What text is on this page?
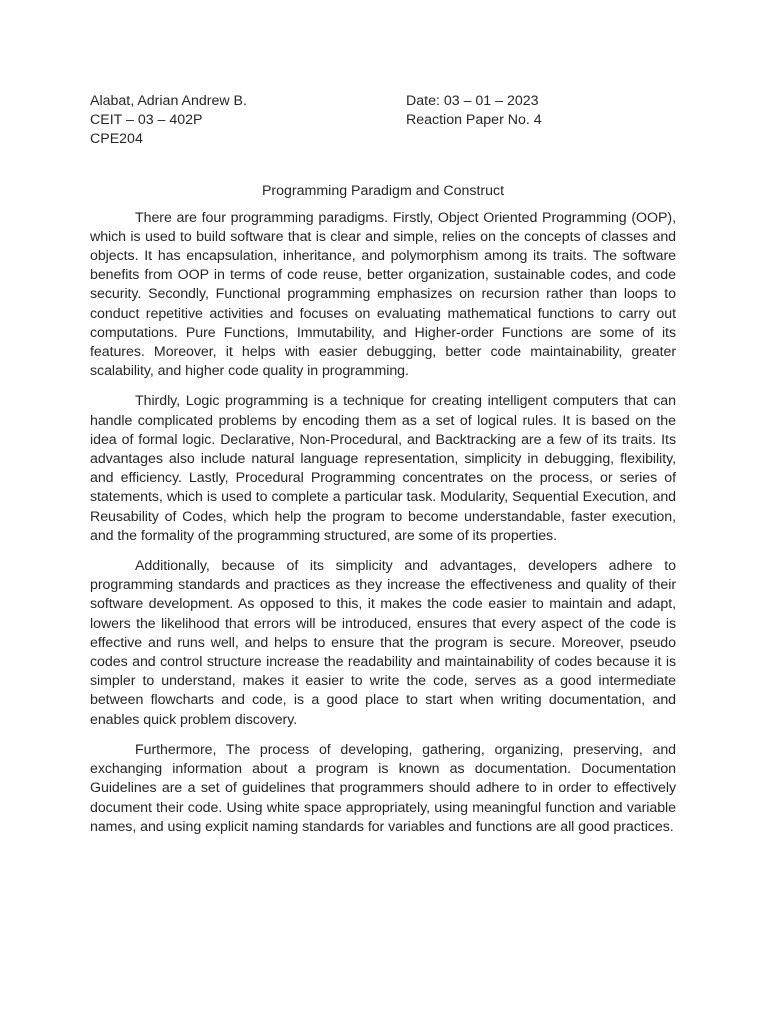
Alabat, Adrian Andrew B.
CEIT – 03 – 402P
CPE204
Date: 03 – 01 – 2023
Reaction Paper No. 4
Programming Paradigm and Construct

There are four programming paradigms. Firstly, Object Oriented Programming (OOP), which is used to build software that is clear and simple, relies on the concepts of classes and objects. It has encapsulation, inheritance, and polymorphism among its traits. The software benefits from OOP in terms of code reuse, better organization, sustainable codes, and code security. Secondly, Functional programming emphasizes on recursion rather than loops to conduct repetitive activities and focuses on evaluating mathematical functions to carry out computations. Pure Functions, Immutability, and Higher-order Functions are some of its features. Moreover, it helps with easier debugging, better code maintainability, greater scalability, and higher code quality in programming.

Thirdly, Logic programming is a technique for creating intelligent computers that can handle complicated problems by encoding them as a set of logical rules. It is based on the idea of formal logic. Declarative, Non-Procedural, and Backtracking are a few of its traits. Its advantages also include natural language representation, simplicity in debugging, flexibility, and efficiency. Lastly, Procedural Programming concentrates on the process, or series of statements, which is used to complete a particular task. Modularity, Sequential Execution, and Reusability of Codes, which help the program to become understandable, faster execution, and the formality of the programming structured, are some of its properties.

Additionally, because of its simplicity and advantages, developers adhere to programming standards and practices as they increase the effectiveness and quality of their software development. As opposed to this, it makes the code easier to maintain and adapt, lowers the likelihood that errors will be introduced, ensures that every aspect of the code is effective and runs well, and helps to ensure that the program is secure. Moreover, pseudo codes and control structure increase the readability and maintainability of codes because it is simpler to understand, makes it easier to write the code, serves as a good intermediate between flowcharts and code, is a good place to start when writing documentation, and enables quick problem discovery.

Furthermore, The process of developing, gathering, organizing, preserving, and exchanging information about a program is known as documentation. Documentation Guidelines are a set of guidelines that programmers should adhere to in order to effectively document their code. Using white space appropriately, using meaningful function and variable names, and using explicit naming standards for variables and functions are all good practices.
